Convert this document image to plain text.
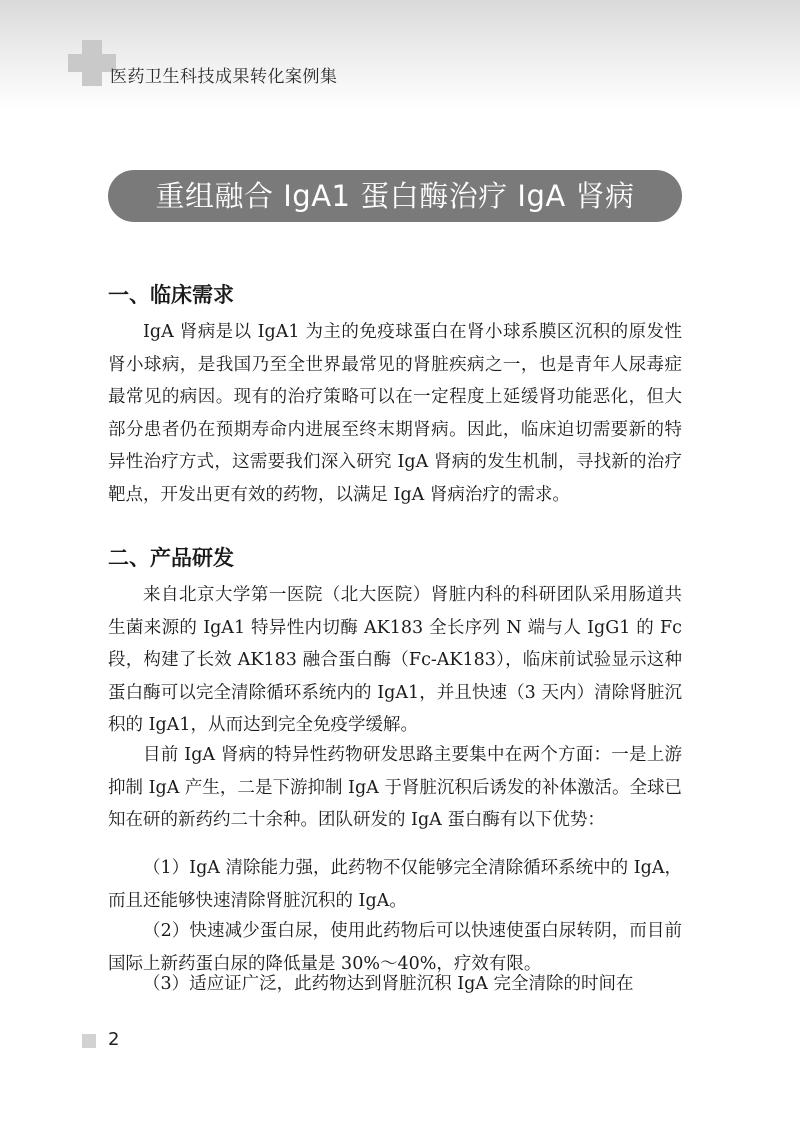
医药卫生科技成果转化案例集
重组融合 IgA1 蛋白酶治疗 IgA 肾病
一、临床需求

IgA 肾病是以 IgA1 为主的免疫球蛋白在肾小球系膜区沉积的原发性肾小球病，是我国乃至全世界最常见的肾脏疾病之一，也是青年人尿毒症最常见的病因。现有的治疗策略可以在一定程度上延缓肾功能恶化，但大部分患者仍在预期寿命内进展至终末期肾病。因此，临床迫切需要新的特异性治疗方式，这需要我们深入研究 IgA 肾病的发生机制，寻找新的治疗靶点，开发出更有效的药物，以满足 IgA 肾病治疗的需求。

二、产品研发

来自北京大学第一医院（北大医院）肾脏内科的科研团队采用肠道共生菌来源的 IgA1 特异性内切酶 AK183 全长序列 N 端与人 IgG1 的 Fc 段，构建了长效 AK183 融合蛋白酶（Fc-AK183），临床前试验显示这种蛋白酶可以完全清除循环系统内的 IgA1，并且快速（3 天内）清除肾脏沉积的 IgA1，从而达到完全免疫学缓解。

目前 IgA 肾病的特异性药物研发思路主要集中在两个方面：一是上游抑制 IgA 产生，二是下游抑制 IgA 于肾脏沉积后诱发的补体激活。全球已知在研的新药约二十余种。团队研发的 IgA 蛋白酶有以下优势：

（1）IgA 清除能力强，此药物不仅能够完全清除循环系统中的 IgA，而且还能够快速清除肾脏沉积的 IgA。

（2）快速减少蛋白尿，使用此药物后可以快速使蛋白尿转阴，而目前国际上新药蛋白尿的降低量是 30%～40%，疗效有限。

（3）适应证广泛，此药物达到肾脏沉积 IgA 完全清除的时间在

2
